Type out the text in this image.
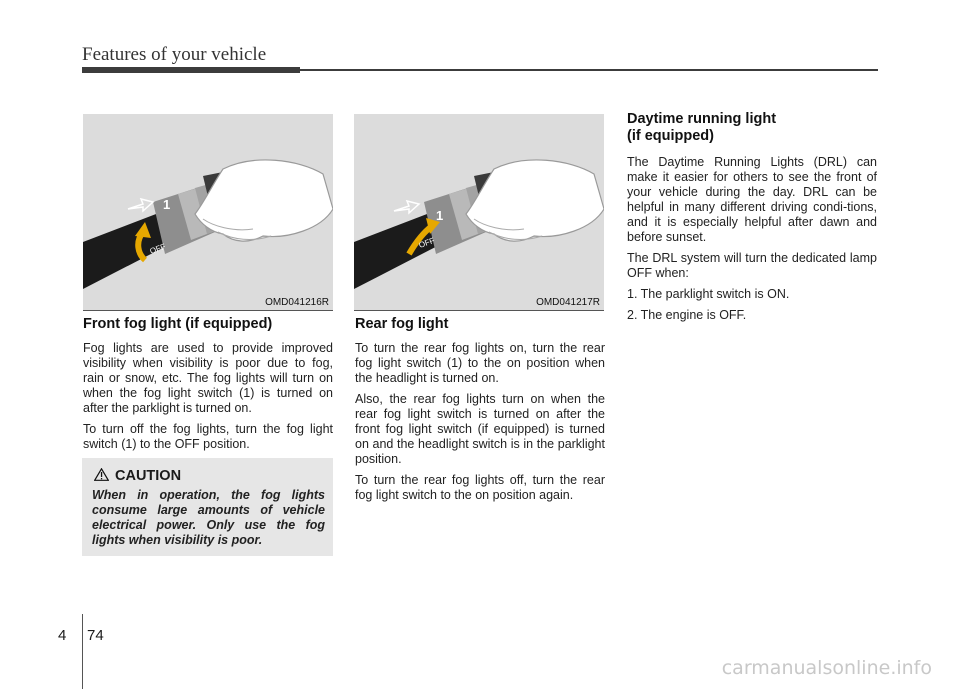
Features of your vehicle
1
OFF
OMD041216R
1
OFF
OMD041217R
Front fog light (if equipped)

Fog lights are used to provide improved visibility when visibility is poor due to fog, rain or snow, etc. The fog lights will turn on when the fog light switch (1) is turned on after the parklight is turned on.

To turn off the fog lights, turn the fog light switch (1) to the OFF position.

CAUTION
When in operation, the fog lights consume large amounts of vehicle electrical power. Only use the fog lights when visibility is poor.
Rear fog light

To turn the rear fog lights on, turn the rear fog light switch (1) to the on position when the headlight is turned on.

Also, the rear fog lights turn on when the rear fog light switch is turned on after the front fog light switch (if equipped) is turned on and the headlight switch is in the parklight position.

To turn the rear fog lights off, turn the rear fog light switch to the on position again.

Daytime running light
(if equipped)

The Daytime Running Lights (DRL) can make it easier for others to see the front of your vehicle during the day. DRL can be helpful in many different driving condi-tions, and it is especially helpful after dawn and before sunset.

The DRL system will turn the dedicated lamp OFF when:

1. The parklight switch is ON.

2. The engine is OFF.

4 74
carmanualsonline.info
